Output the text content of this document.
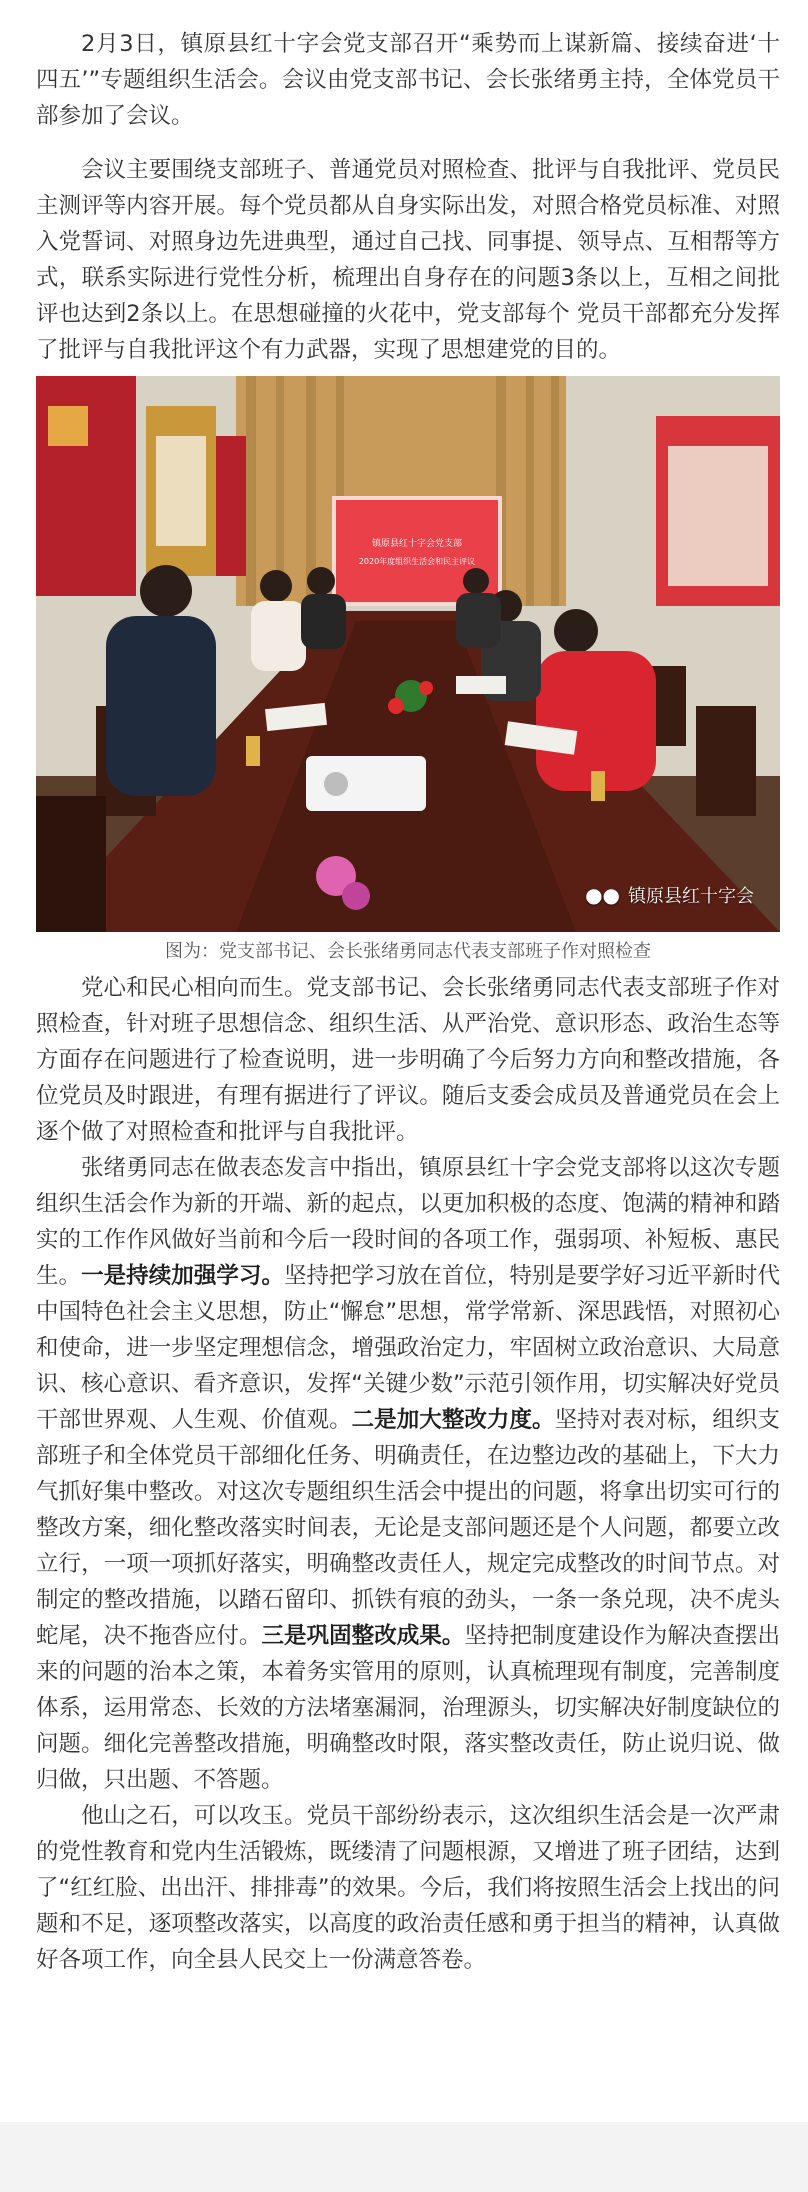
2月3日，镇原县红十字会党支部召开“乘势而上谋新篇、接续奋进‘十四五’”专题组织生活会。会议由党支部书记、会长张绪勇主持，全体党员干部参加了会议。

会议主要围绕支部班子、普通党员对照检查、批评与自我批评、党员民主测评等内容开展。每个党员都从自身实际出发，对照合格党员标准、对照入党誓词、对照身边先进典型，通过自己找、同事提、领导点、互相帮等方式，联系实际进行党性分析，梳理出自身存在的问题3条以上，互相之间批评也达到2条以上。在思想碰撞的火花中，党支部每个 党员干部都充分发挥了批评与自我批评这个有力武器，实现了思想建党的目的。

镇原县红十字会党支部
2020年度组织生活会和民主评议
●● 镇原县红十字会

图为：党支部书记、会长张绪勇同志代表支部班子作对照检查

党心和民心相向而生。党支部书记、会长张绪勇同志代表支部班子作对照检查，针对班子思想信念、组织生活、从严治党、意识形态、政治生态等方面存在问题进行了检查说明，进一步明确了今后努力方向和整改措施，各位党员及时跟进，有理有据进行了评议。随后支委会成员及普通党员在会上逐个做了对照检查和批评与自我批评。

张绪勇同志在做表态发言中指出，镇原县红十字会党支部将以这次专题组织生活会作为新的开端、新的起点，以更加积极的态度、饱满的精神和踏实的工作作风做好当前和今后一段时间的各项工作，强弱项、补短板、惠民生。一是持续加强学习。坚持把学习放在首位，特别是要学好习近平新时代中国特色社会主义思想，防止“懈怠”思想，常学常新、深思践悟，对照初心和使命，进一步坚定理想信念，增强政治定力，牢固树立政治意识、大局意识、核心意识、看齐意识，发挥“关键少数”示范引领作用，切实解决好党员干部世界观、人生观、价值观。二是加大整改力度。坚持对表对标，组织支部班子和全体党员干部细化任务、明确责任，在边整边改的基础上，下大力气抓好集中整改。对这次专题组织生活会中提出的问题，将拿出切实可行的整改方案，细化整改落实时间表，无论是支部问题还是个人问题，都要立改立行，一项一项抓好落实，明确整改责任人，规定完成整改的时间节点。对制定的整改措施，以踏石留印、抓铁有痕的劲头，一条一条兑现，决不虎头蛇尾，决不拖沓应付。三是巩固整改成果。坚持把制度建设作为解决查摆出来的问题的治本之策，本着务实管用的原则，认真梳理现有制度，完善制度体系，运用常态、长效的方法堵塞漏洞，治理源头，切实解决好制度缺位的问题。细化完善整改措施，明确整改时限，落实整改责任，防止说归说、做归做，只出题、不答题。

他山之石，可以攻玉。党员干部纷纷表示，这次组织生活会是一次严肃的党性教育和党内生活锻炼，既缕清了问题根源，又增进了班子团结，达到了“红红脸、出出汗、排排毒”的效果。今后，我们将按照生活会上找出的问题和不足，逐项整改落实，以高度的政治责任感和勇于担当的精神，认真做好各项工作，向全县人民交上一份满意答卷。
